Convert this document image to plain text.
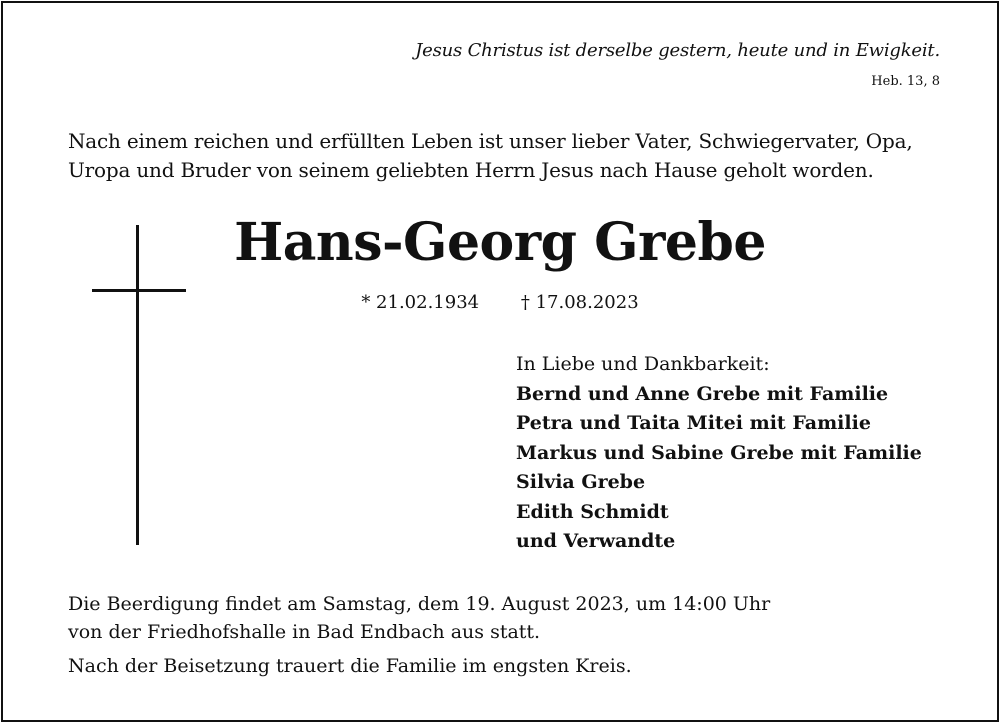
Jesus Christus ist derselbe gestern, heute und in Ewigkeit.
Heb. 13, 8
Nach einem reichen und erfüllten Leben ist unser lieber Vater, Schwiegervater, Opa,
Uropa und Bruder von seinem geliebten Herrn Jesus nach Hause geholt worden.
Hans-Georg Grebe
* 21.02.1934 † 17.08.2023
In Liebe und Dankbarkeit:
Bernd und Anne Grebe mit Familie
Petra und Taita Mitei mit Familie
Markus und Sabine Grebe mit Familie
Silvia Grebe
Edith Schmidt
und Verwandte
Die Beerdigung findet am Samstag, dem 19. August 2023, um 14:00 Uhr
von der Friedhofshalle in Bad Endbach aus statt.
Nach der Beisetzung trauert die Familie im engsten Kreis.
